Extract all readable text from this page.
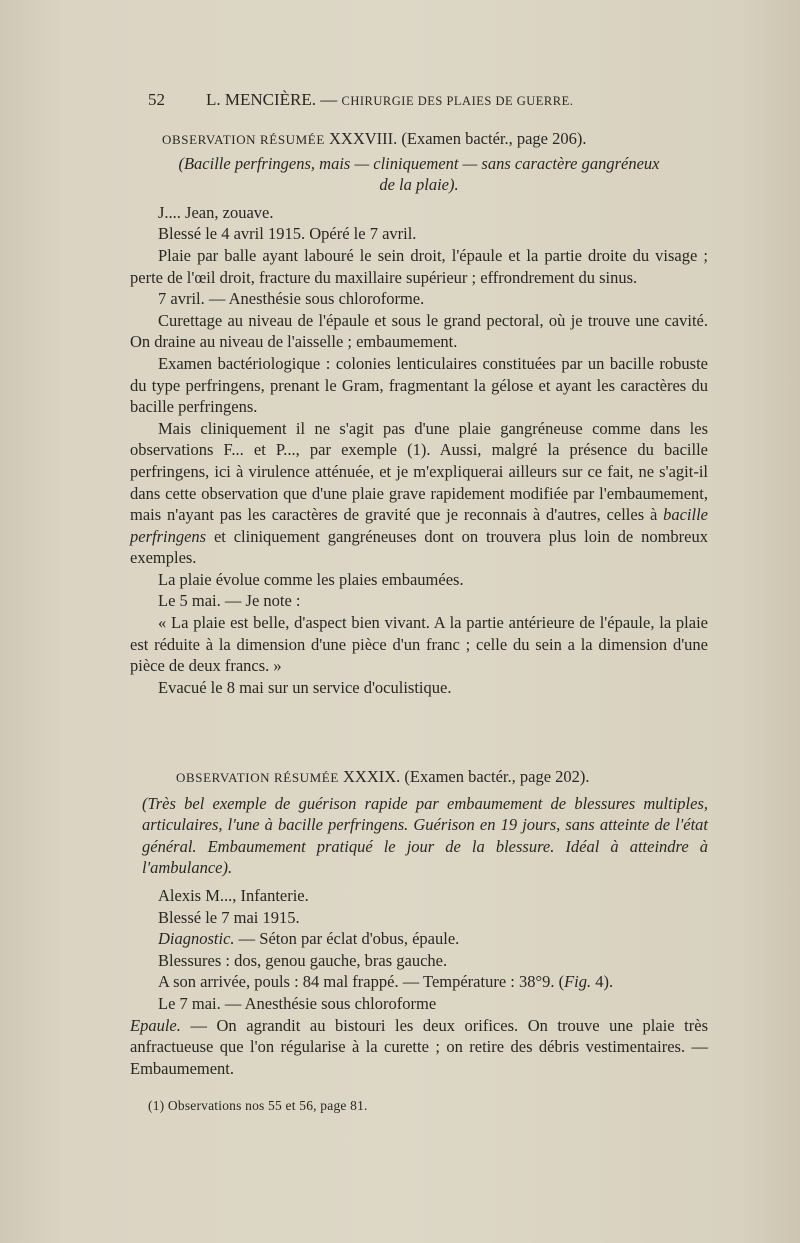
52 L. MENCIÈRE. — CHIRURGIE DES PLAIES DE GUERRE.

OBSERVATION RÉSUMÉE XXXVIII. (Examen bactér., page 206).

(Bacille perfringens, mais — cliniquement — sans caractère gangréneux de la plaie).

J.... Jean, zouave.

Blessé le 4 avril 1915. Opéré le 7 avril.

Plaie par balle ayant labouré le sein droit, l'épaule et la partie droite du visage ; perte de l'œil droit, fracture du maxillaire supérieur ; effrondrement du sinus.

7 avril. — Anesthésie sous chloroforme.

Curettage au niveau de l'épaule et sous le grand pectoral, où je trouve une cavité. On draine au niveau de l'aisselle ; embaumement.

Examen bactériologique : colonies lenticulaires constituées par un bacille robuste du type perfringens, prenant le Gram, fragmentant la gélose et ayant les caractères du bacille perfringens.

Mais cliniquement il ne s'agit pas d'une plaie gangréneuse comme dans les observations F... et P..., par exemple (1). Aussi, malgré la présence du bacille perfringens, ici à virulence atténuée, et je m'expliquerai ailleurs sur ce fait, ne s'agit-il dans cette observation que d'une plaie grave rapidement modifiée par l'embaumement, mais n'ayant pas les caractères de gravité que je reconnais à d'autres, celles à bacille perfringens et cliniquement gangréneuses dont on trouvera plus loin de nombreux exemples.

La plaie évolue comme les plaies embaumées.

Le 5 mai. — Je note :

« La plaie est belle, d'aspect bien vivant. A la partie antérieure de l'épaule, la plaie est réduite à la dimension d'une pièce d'un franc ; celle du sein a la dimension d'une pièce de deux francs. »

Evacué le 8 mai sur un service d'oculistique.

OBSERVATION RÉSUMÉE XXXIX. (Examen bactér., page 202).

(Très bel exemple de guérison rapide par embaumement de blessures multiples, articulaires, l'une à bacille perfringens. Guérison en 19 jours, sans atteinte de l'état général. Embaumement pratiqué le jour de la blessure. Idéal à atteindre à l'ambulance).

Alexis M..., Infanterie.

Blessé le 7 mai 1915.

Diagnostic. — Séton par éclat d'obus, épaule.

Blessures : dos, genou gauche, bras gauche.

A son arrivée, pouls : 84 mal frappé. — Température : 38°9. (Fig. 4).

Le 7 mai. — Anesthésie sous chloroforme

Epaule. — On agrandit au bistouri les deux orifices. On trouve une plaie très anfractueuse que l'on régularise à la curette ; on retire des débris vestimentaires. — Embaumement.

(1) Observations nos 55 et 56, page 81.
